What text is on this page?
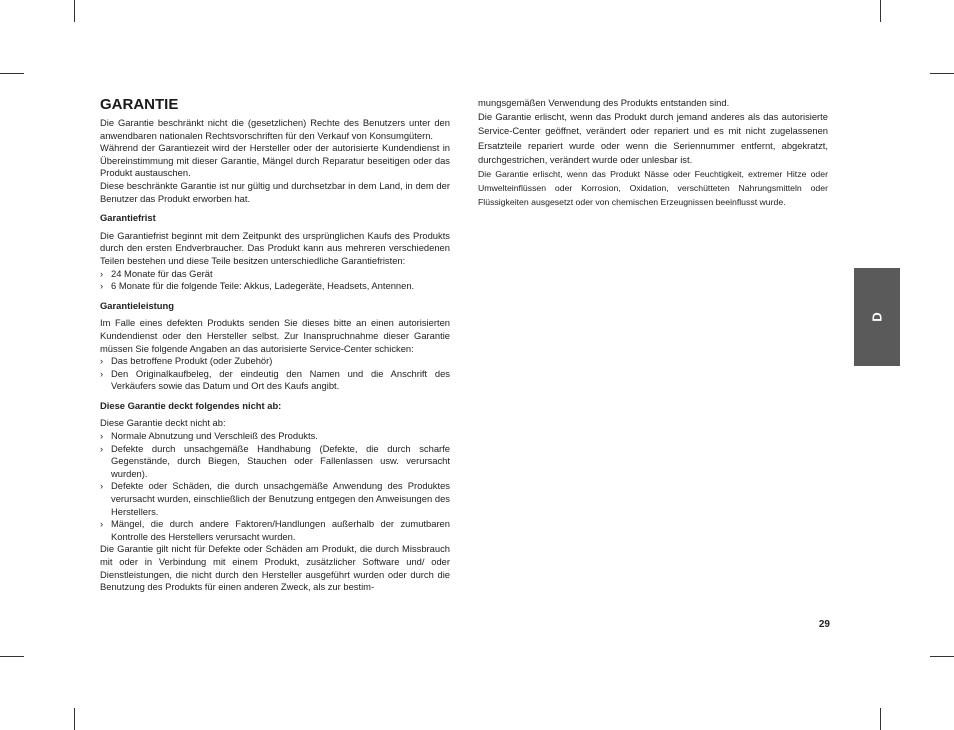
GARANTIE

Die Garantie beschränkt nicht die (gesetzlichen) Rechte des Benutzers unter den anwendbaren nationalen Rechtsvorschriften für den Verkauf von Konsumgütern.

Während der Garantiezeit wird der Hersteller oder der autorisierte Kundendienst in Übereinstimmung mit dieser Garantie, Mängel durch Reparatur beseitigen oder das Produkt austauschen.

Diese beschränkte Garantie ist nur gültig und durchsetzbar in dem Land, in dem der Benutzer das Produkt erworben hat.

Garantiefrist

Die Garantiefrist beginnt mit dem Zeitpunkt des ursprünglichen Kaufs des Produkts durch den ersten Endverbraucher. Das Produkt kann aus mehreren verschiedenen Teilen bestehen und diese Teile besitzen unterschiedliche Garantiefristen:

› 24 Monate für das Gerät
› 6 Monate für die folgende Teile: Akkus, Ladegeräte, Headsets, Antennen.

Garantieleistung

Im Falle eines defekten Produkts senden Sie dieses bitte an einen autorisierten Kundendienst oder den Hersteller selbst. Zur Inanspruchnahme dieser Garantie müssen Sie folgende Angaben an das autorisierte Service-Center schicken:

› Das betroffene Produkt (oder Zubehör)
› Den Originalkaufbeleg, der eindeutig den Namen und die Anschrift des Verkäufers sowie das Datum und Ort des Kaufs angibt.

Diese Garantie deckt folgendes nicht ab:

Diese Garantie deckt nicht ab:

› Normale Abnutzung und Verschleiß des Produkts.
› Defekte durch unsachgemäße Handhabung (Defekte, die durch scharfe Gegenstände, durch Biegen, Stauchen oder Fallenlassen usw. verursacht wurden).
› Defekte oder Schäden, die durch unsachgemäße Anwendung des Produktes verursacht wurden, einschließlich der Benutzung entgegen den Anweisungen des Herstellers.
› Mängel, die durch andere Faktoren/Handlungen außerhalb der zumutbaren Kontrolle des Herstellers verursacht wurden.

Die Garantie gilt nicht für Defekte oder Schäden am Produkt, die durch Missbrauch mit oder in Verbindung mit einem Produkt, zusätzlicher Software und/ oder Dienstleistungen, die nicht durch den Hersteller ausgeführt wurden oder durch die Benutzung des Produkts für einen anderen Zweck, als zur bestim-

mungsgemäßen Verwendung des Produkts entstanden sind.

Die Garantie erlischt, wenn das Produkt durch jemand anderes als das autorisierte Service-Center geöffnet, verändert oder repariert und es mit nicht zugelassenen Ersatzteile repariert wurde oder wenn die Seriennummer entfernt, abgekratzt, durchgestrichen, verändert wurde oder unlesbar ist.

Die Garantie erlischt, wenn das Produkt Nässe oder Feuchtigkeit, extremer Hitze oder Umwelteinflüssen oder Korrosion, Oxidation, verschütteten Nahrungsmitteln oder Flüssigkeiten ausgesetzt oder von chemischen Erzeugnissen beeinflusst wurde.

D
29
